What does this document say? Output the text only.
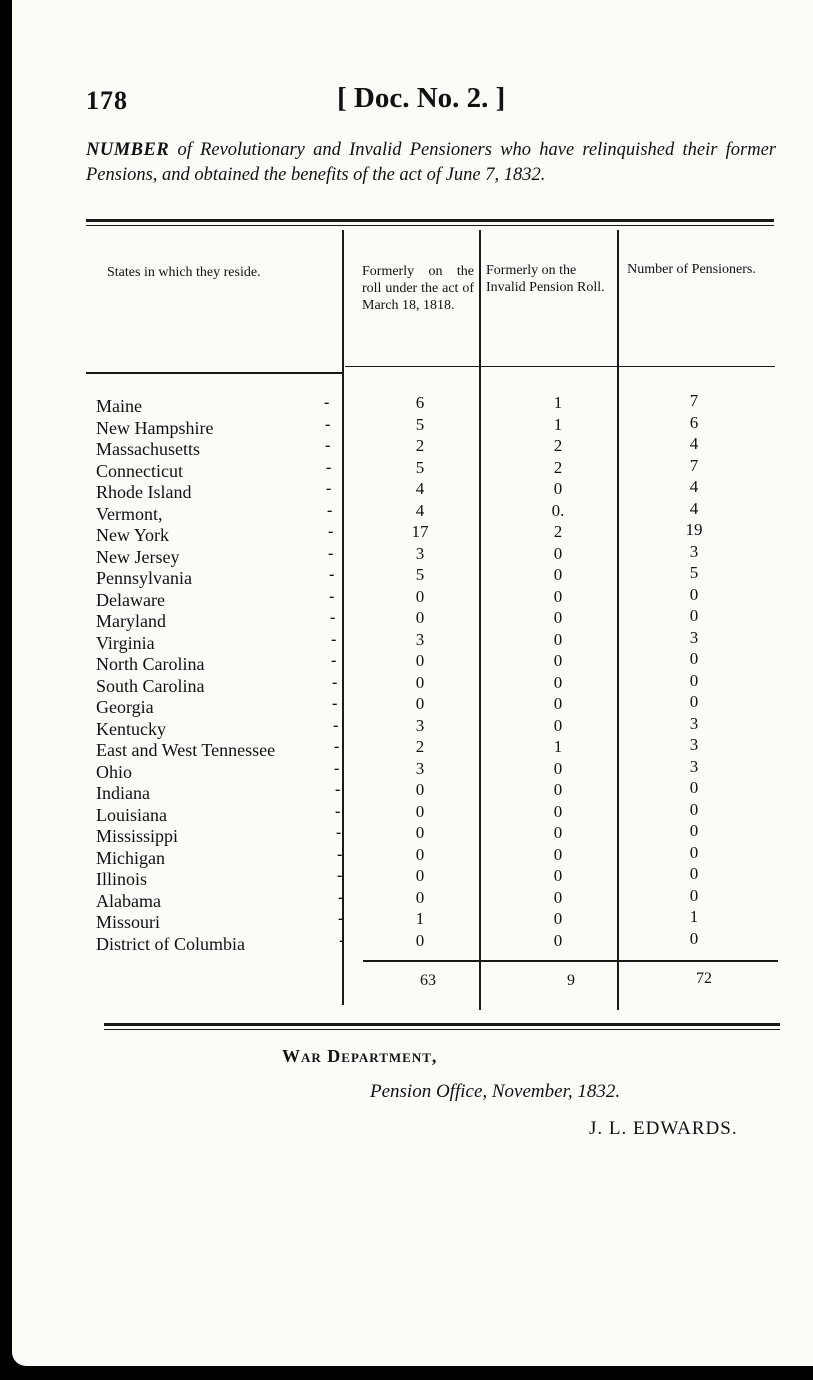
178	[ Doc. No. 2. ]
NUMBER of Revolutionary and Invalid Pensioners who have relinquished their former Pensions, and obtained the benefits of the act of June 7, 1832.
States in which they reside.	Formerly on the roll under the act of March 18, 1818.
Formerly on the Invalid Pension Roll.
Number of Pensioners.
Maine	6	1	7
-
New Hampshire	5	1	6
-
Massachusetts	2	2	4
-
Connecticut	5	2	7
-
Rhode Island	4	0	4
-
Vermont,	4	0.	4
-
New York	17	2	19
-
New Jersey	3	0	3
-
Pennsylvania	5	0	5
-
Delaware	0	0	0
-
Maryland	0	0	0
-
Virginia	3	0	3
-
North Carolina	0	0	0
-
South Carolina	0	0	0
-
Georgia	0	0	0
-
Kentucky	3	0	3
-
East and West Tennessee	2	1	3
-
Ohio	3	0	3
-
Indiana	0	0	0
-
Louisiana	0	0	0
-
Mississippi	0	0	0
-
Michigan	0	0	0
-
Illinois	0	0	0
-
Alabama	0	0	0
-
Missouri	1	0	1
-
District of Columbia	0	0	0
-
63	9	72
War Department,
Pension Office, November, 1832.
J. L. EDWARDS.
